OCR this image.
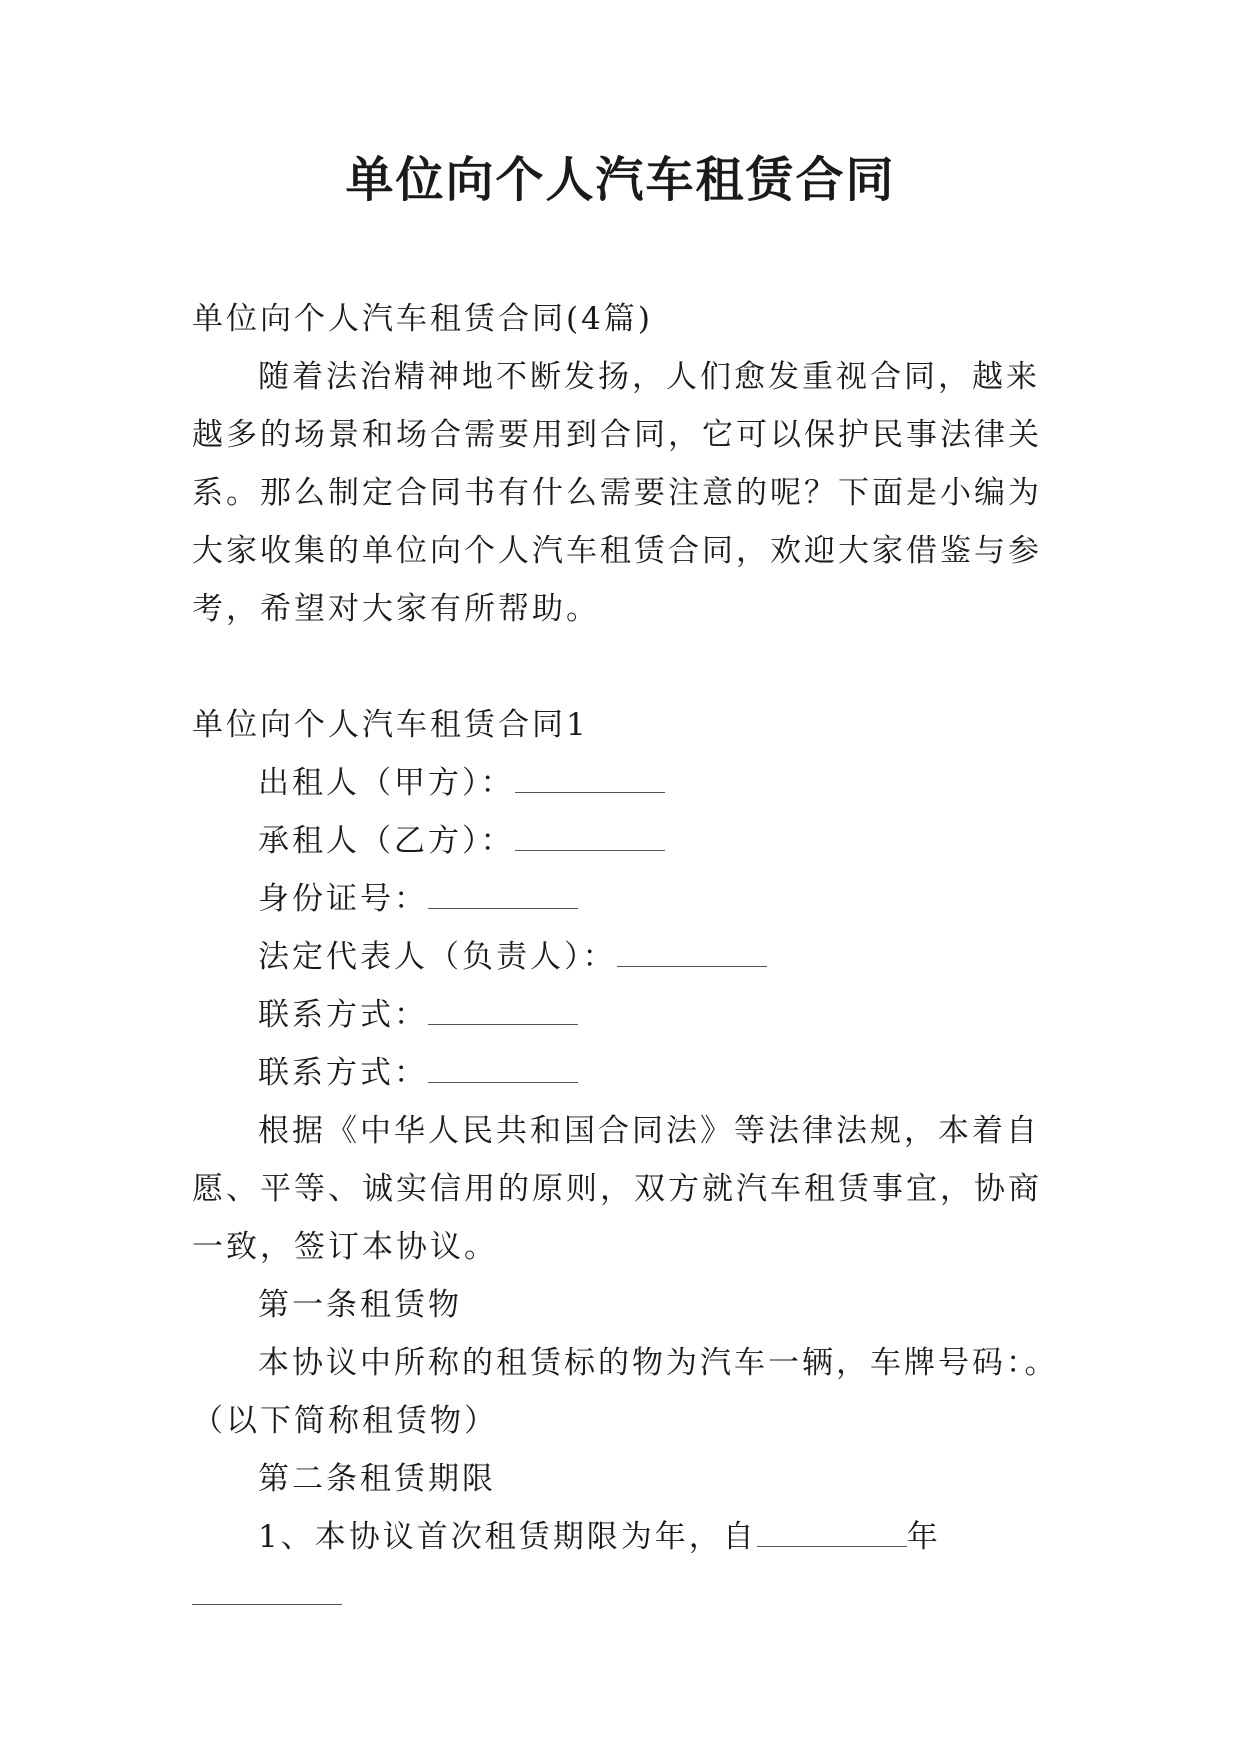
单位向个人汽车租赁合同

单位向个人汽车租赁合同(4篇)

随着法治精神地不断发扬，人们愈发重视合同，越来越多的场景和场合需要用到合同，它可以保护民事法律关系。那么制定合同书有什么需要注意的呢？下面是小编为大家收集的单位向个人汽车租赁合同，欢迎大家借鉴与参考，希望对大家有所帮助。

单位向个人汽车租赁合同1

出租人（甲方）：

承租人（乙方）：

身份证号：

法定代表人（负责人）：

联系方式：

联系方式：

根据《中华人民共和国合同法》等法律法规，本着自愿、平等、诚实信用的原则，双方就汽车租赁事宜，协商一致，签订本协议。

第一条租赁物

本协议中所称的租赁标的物为汽车一辆，车牌号码：。（以下简称租赁物）

第二条租赁期限

1、本协议首次租赁期限为年，自	年
